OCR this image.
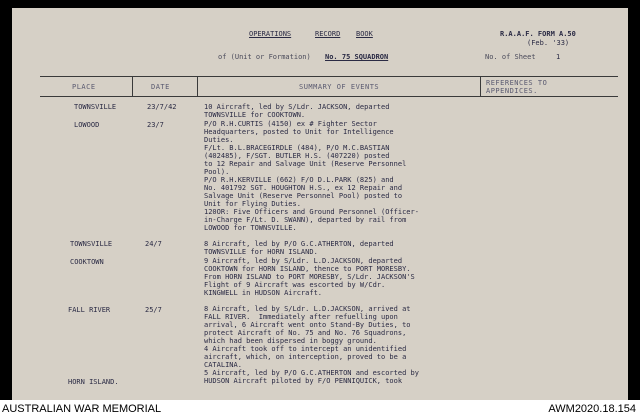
OPERATIONS	RECORD BOOK	R.A.A.F. FORM A.50
(Feb. '33)
of (Unit or Formation) No. 75 SQUADRON	No. of Sheet	1
PLACE	DATE	SUMMARY OF EVENTS	REFERENCES TO
APPENDICES.
TOWNSVILLE	23/7/42	10 Aircraft, led by S/Ldr. JACKSON, departed
TOWNSVILLE for COOKTOWN.
LOWOOD	23/7	P/O R.H.CURTIS (4150) ex # Fighter Sector
Headquarters, posted to Unit for Intelligence
Duties.
F/Lt. B.L.BRACEGIRDLE (484), P/O M.C.BASTIAN
(402485), F/SGT. BUTLER H.S. (407220) posted
to 12 Repair and Salvage Unit (Reserve Personnel
Pool).
P/O R.H.KERVILLE (662) F/O D.L.PARK (825) and
No. 401792 SGT. HOUGHTON H.S., ex 12 Repair and
Salvage Unit (Reserve Personnel Pool) posted to
Unit for Flying Duties.
120OR: Five Officers and Ground Personnel (Officer-
in-Charge F/Lt. D. SWANN), departed by rail from
LOWOOD for TOWNSVILLE.
TOWNSVILLE	24/7	8 Aircraft, led by P/O G.C.ATHERTON, departed
TOWNSVILLE for HORN ISLAND.
COOKTOWN	9 Aircraft, led by S/Ldr. L.D.JACKSON, departed
COOKTOWN for HORN ISLAND, thence to PORT MORESBY.
From HORN ISLAND to PORT MORESBY, S/Ldr. JACKSON'S
Flight of 9 Aircraft was escorted by W/Cdr.
KINGWELL in HUDSON Aircraft.
FALL RIVER	25/7	8 Aircraft, led by S/Ldr. L.D.JACKSON, arrived at
FALL RIVER.  Immediately after refuelling upon
arrival, 6 Aircraft went onto Stand-By Duties, to
protect Aircraft of No. 75 and No. 76 Squadrons,
which had been dispersed in boggy ground.
4 Aircraft took off to intercept an unidentified
aircraft, which, on interception, proved to be a
CATALINA.
HORN ISLAND.
5 Aircraft, led by P/O G.C.ATHERTON and escorted by
HUDSON Aircraft piloted by F/O PENNIQUICK, took
AUSTRALIAN WAR MEMORIAL	AWM2020.18.154
